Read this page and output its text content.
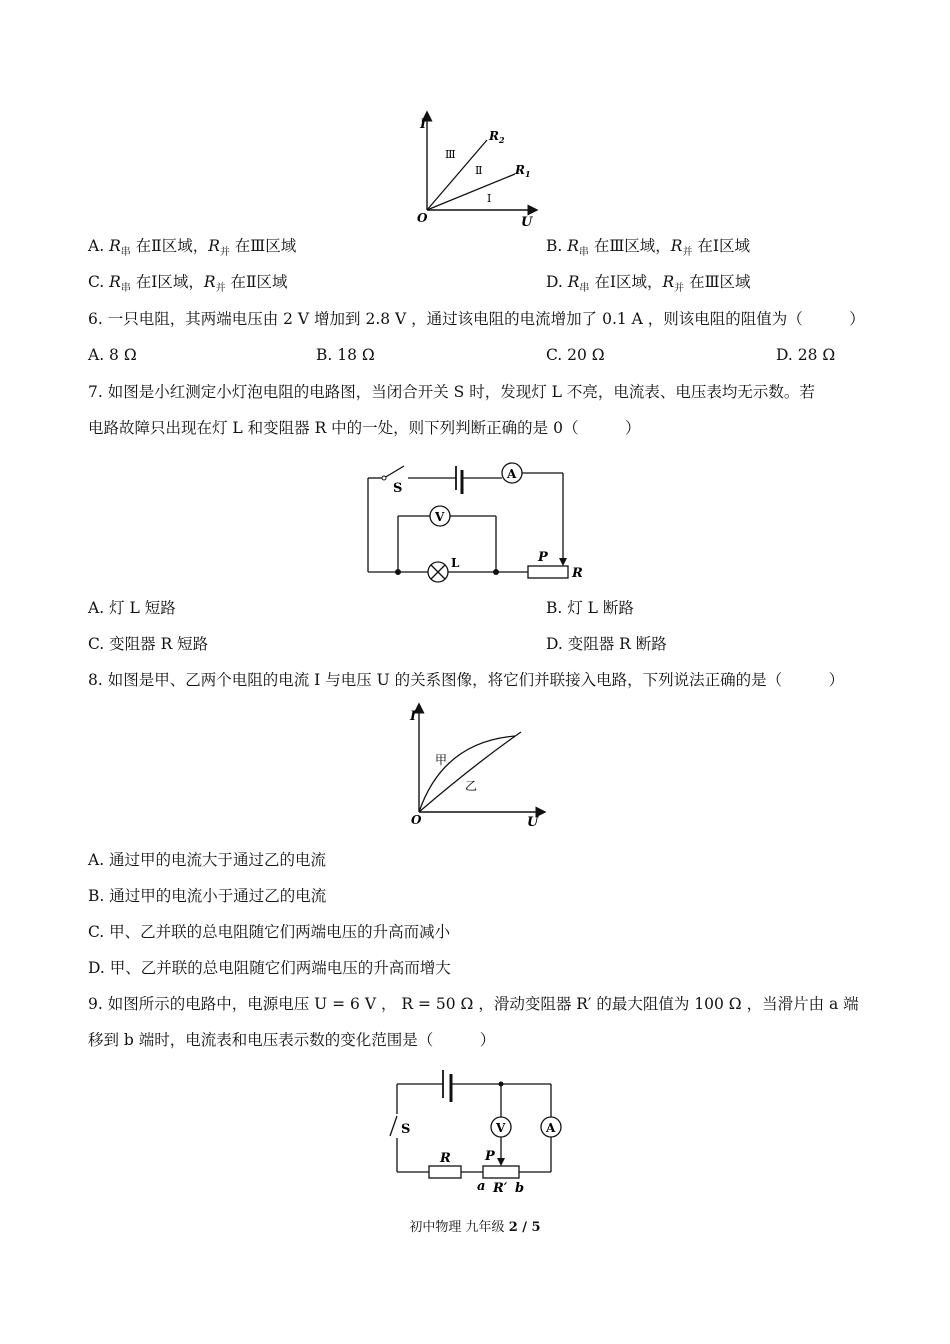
I
U
O
$R_2$
$R_1$
Ⅲ
Ⅱ
Ⅰ
A. $R_串$ 在Ⅱ区域，$R_并$ 在Ⅲ区域	B. $R_串$ 在Ⅲ区域，$R_并$ 在Ⅰ区域
C. $R_串$ 在Ⅰ区域，$R_并$ 在Ⅱ区域	D. $R_串$ 在Ⅰ区域，$R_并$ 在Ⅲ区域
6. 一只电阻，其两端电压由 2 V 增加到 2.8 V ，通过该电阻的电流增加了 0.1 A ，则该电阻的阻值为（　　　）
A. 8 Ω	B. 18 Ω	C. 20 Ω	D. 28 Ω
7. 如图是小红测定小灯泡电阻的电路图，当闭合开关 S 时，发现灯 L 不亮，电流表、电压表均无示数。若
电路故障只出现在灯 L 和变阻器 R 中的一处，则下列判断正确的是 0（　　　）
S
A
V
L	P
R
A. 灯 L 短路	B. 灯 L 断路
C. 变阻器 R 短路	D. 变阻器 R 断路
8. 如图是甲、乙两个电阻的电流 I 与电压 U 的关系图像，将它们并联接入电路，下列说法正确的是（　　　）
I
U
O
甲
乙
A. 通过甲的电流大于通过乙的电流
B. 通过甲的电流小于通过乙的电流
C. 甲、乙并联的总电阻随它们两端电压的升高而减小
D. 甲、乙并联的总电阻随它们两端电压的升高而增大
9. 如图所示的电路中，电源电压 U = 6 V ， R = 50 Ω ，滑动变阻器 R′ 的最大阻值为 100 Ω ，当滑片由 a 端
移到 b 端时，电流表和电压表示数的变化范围是（　　　）
S	V	A
R	P
R′
a b
初中物理 九年级 2 / 5
